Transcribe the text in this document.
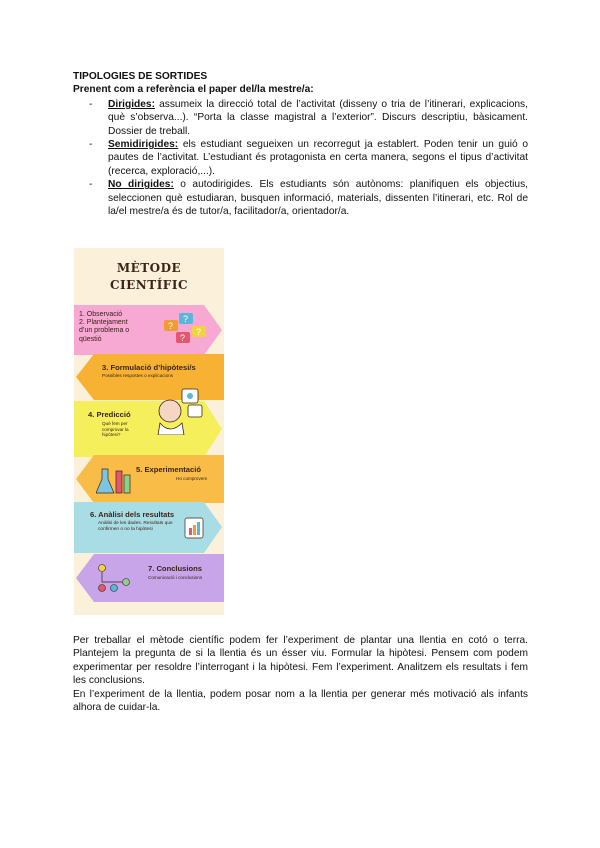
TIPOLOGIES DE SORTIDES

Prenent com a referència el paper del/la mestre/a:

- Dirigides: assumeix la direcció total de l’activitat (disseny o tria de l’itinerari, explicacions, què s’observa...). “Porta la classe magistral a l’exterior”. Discurs descriptiu, bàsicament. Dossier de treball.
- Semidirigides: els estudiant segueixen un recorregut ja establert. Poden tenir un guió o pautes de l’activitat. L’estudiant és protagonista en certa manera, segons el tipus d’activitat (recerca, exploració,...).
- No dirigides: o autodirigides. Els estudiants són autònoms: planifiquen els objectius, seleccionen què estudiaran, busquen informació, materials, dissenten l’itinerari, etc. Rol de la/el mestre/a és de tutor/a, facilitador/a, orientador/a.
MÈTODE
CIENTÍFIC
1. Observació
2. Plantejament d’un problema o qüestió
?
?
?
?
3. Formulació d’hipòtesi/s
Possibles respostes o explicacions
4. Predicció
Què fem per comprovar la hipòtesi?
5. Experimentació
Ho comprovem
6. Anàlisi dels resultats
Anàlisi de les dades. Resultats que confirmen o no la hipòtesi
7. Conclusions
Comunicació i conclusions

Per treballar el mètode científic podem fer l’experiment de plantar una llentia en cotó o terra. Plantejem la pregunta de si la llentia és un ésser viu. Formular la hipòtesi. Pensem com podem experimentar per resoldre l’interrogant i la hipòtesi. Fem l’experiment. Analitzem els resultats i fem les conclusions.

En l’experiment de la llentia, podem posar nom a la llentia per generar més motivació als infants alhora de cuidar-la.
